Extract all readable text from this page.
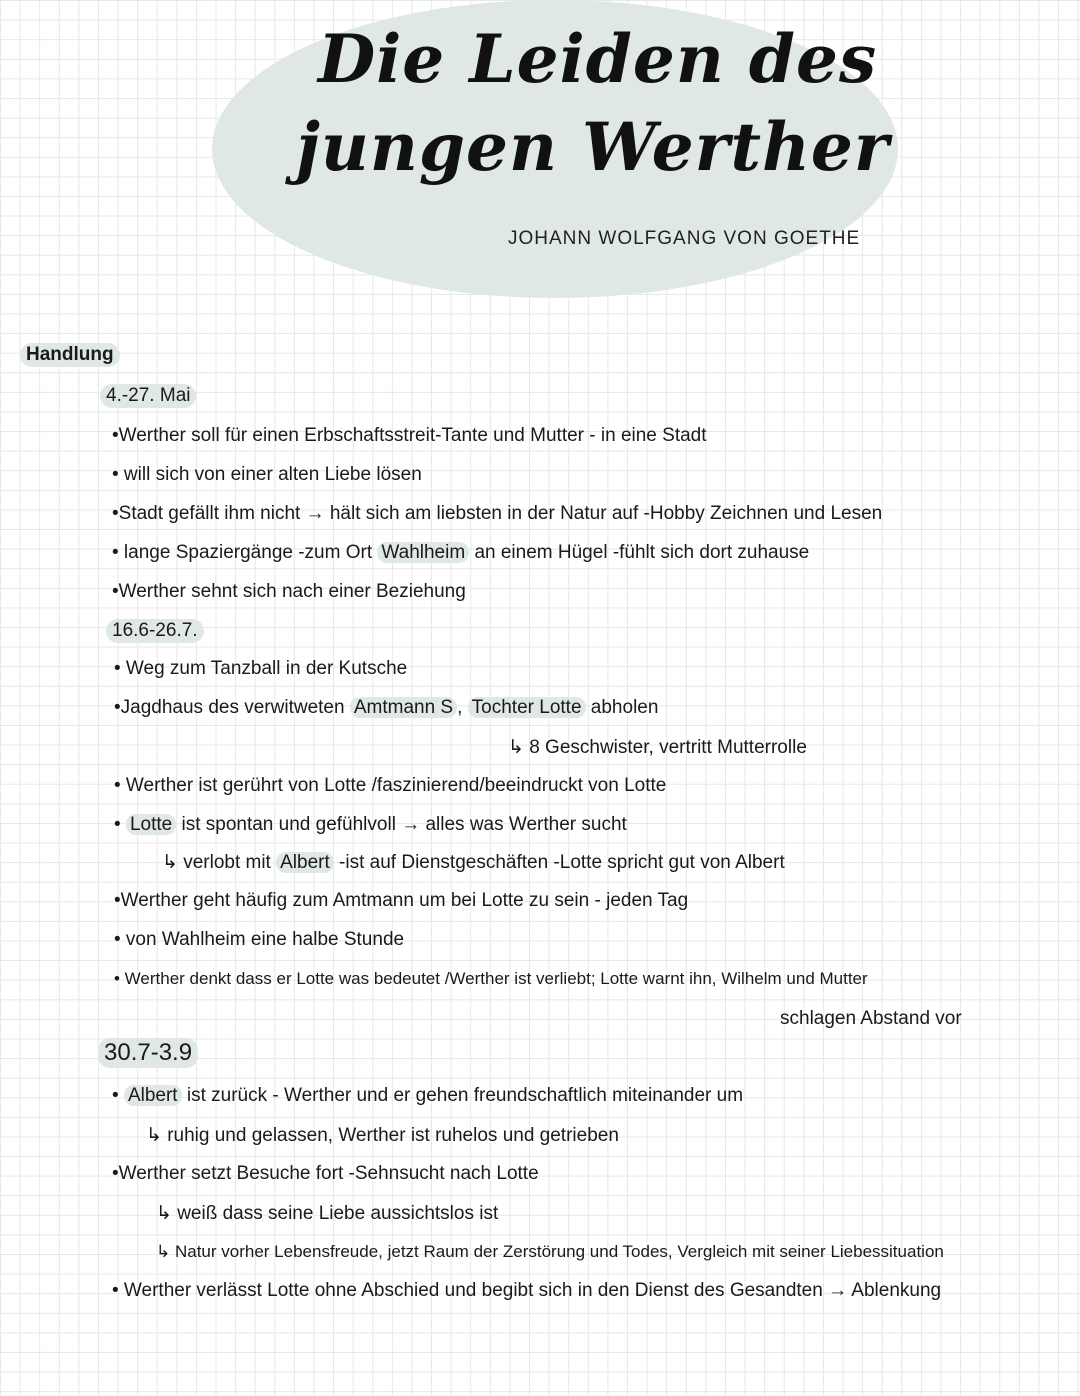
Die Leiden des
jungen Werther
JOHANN WOLFGANG VON GOETHE
Handlung
4.-27. Mai
•Werther soll für einen Erbschaftsstreit-Tante und Mutter - in eine Stadt
• will sich von einer alten Liebe lösen
•Stadt gefällt ihm nicht → hält sich am liebsten in der Natur auf -Hobby Zeichnen und Lesen
• lange Spaziergänge -zum Ort Wahlheim an einem Hügel -fühlt sich dort zuhause
•Werther sehnt sich nach einer Beziehung
16.6-26.7.
• Weg zum Tanzball in der Kutsche
•Jagdhaus des verwitweten Amtmann S , Tochter Lotte abholen
↳ 8 Geschwister, vertritt Mutterrolle
• Werther ist gerührt von Lotte /faszinierend/beeindruckt von Lotte
• Lotte ist spontan und gefühlvoll → alles was Werther sucht
↳ verlobt mit Albert -ist auf Dienstgeschäften -Lotte spricht gut von Albert
•Werther geht häufig zum Amtmann um bei Lotte zu sein - jeden Tag
• von Wahlheim eine halbe Stunde
• Werther denkt dass er Lotte was bedeutet /Werther ist verliebt; Lotte warnt ihn, Wilhelm und Mutter
schlagen Abstand vor
30.7-3.9
• Albert ist zurück - Werther und er gehen freundschaftlich miteinander um
↳ ruhig und gelassen, Werther ist ruhelos und getrieben
•Werther setzt Besuche fort -Sehnsucht nach Lotte
↳ weiß dass seine Liebe aussichtslos ist
↳ Natur vorher Lebensfreude, jetzt Raum der Zerstörung und Todes, Vergleich mit seiner Liebessituation
• Werther verlässt Lotte ohne Abschied und begibt sich in den Dienst des Gesandten → Ablenkung
